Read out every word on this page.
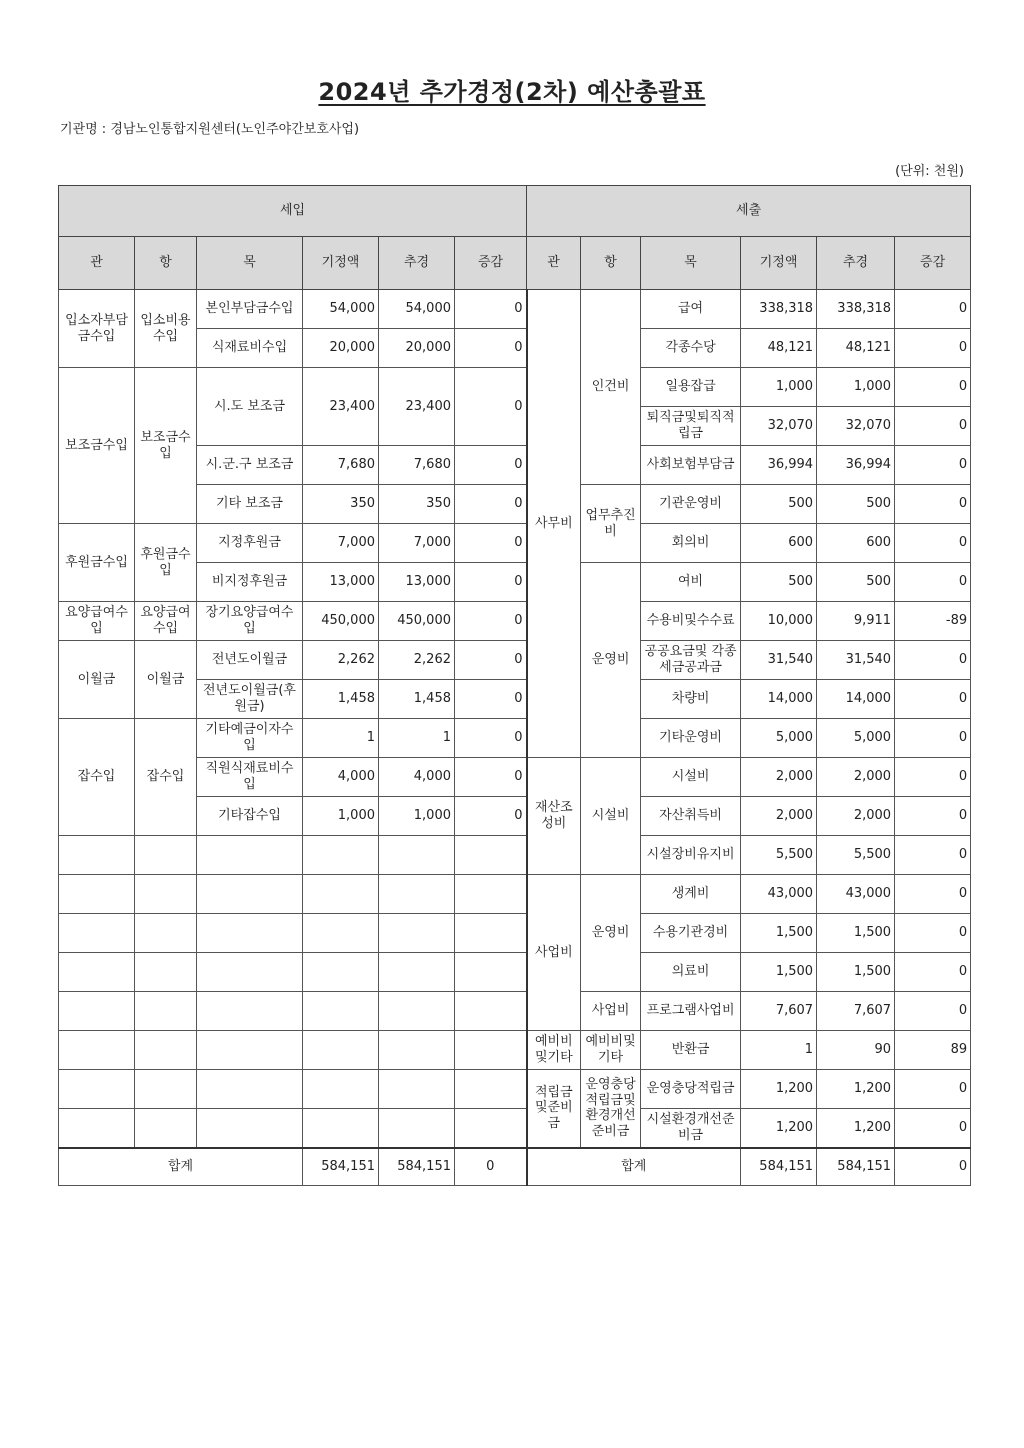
2024년 추가경정(2차) 예산총괄표
기관명 : 경남노인통합지원센터(노인주야간보호사업)
(단위: 천원)
세입						세출					
관	항	목	기정액	추경	증감	관	항	목	기정액	추경	증감
입소자부담금수입	입소비용수입	본인부담금수입	54,000	54,000	0	사무비	인건비	급여	338,318	338,318	0
		식재료비수입	20,000	20,000	0			각종수당	48,121	48,121	0
보조금수입	보조금수입	시.도 보조금	23,400	23,400	0			일용잡급	1,000	1,000	0
								퇴직금및퇴직적립금	32,070	32,070	0
		시.군.구 보조금	7,680	7,680	0			사회보험부담금	36,994	36,994	0
		기타 보조금	350	350	0		업무추진비	기관운영비	500	500	0
후원금수입	후원금수입	지정후원금	7,000	7,000	0			회의비	600	600	0
		비지정후원금	13,000	13,000	0		운영비	여비	500	500	0
요양급여수입	요양급여수입	장기요양급여수입	450,000	450,000	0			수용비및수수료	10,000	9,911	-89
이월금	이월금	전년도이월금	2,262	2,262	0			공공요금및 각종세금공과금	31,540	31,540	0
		전년도이월금(후원금)	1,458	1,458	0			차량비	14,000	14,000	0
잡수입	잡수입	기타예금이자수입	1	1	0			기타운영비	5,000	5,000	0
		직원식재료비수입	4,000	4,000	0	재산조성비	시설비	시설비	2,000	2,000	0
		기타잡수입	1,000	1,000	0			자산취득비	2,000	2,000	0
								시설장비유지비	5,500	5,500	0
						사업비	운영비	생계비	43,000	43,000	0
								수용기관경비	1,500	1,500	0
								의료비	1,500	1,500	0
							사업비	프로그램사업비	7,607	7,607	0
						예비비및기타	예비비및기타	반환금	1	90	89
						적립금및준비금	운영충당적립금및환경개선준비금	운영충당적립금	1,200	1,200	0
								시설환경개선준비금	1,200	1,200	0
합계			584,151	584,151	0	합계			584,151	584,151	0
